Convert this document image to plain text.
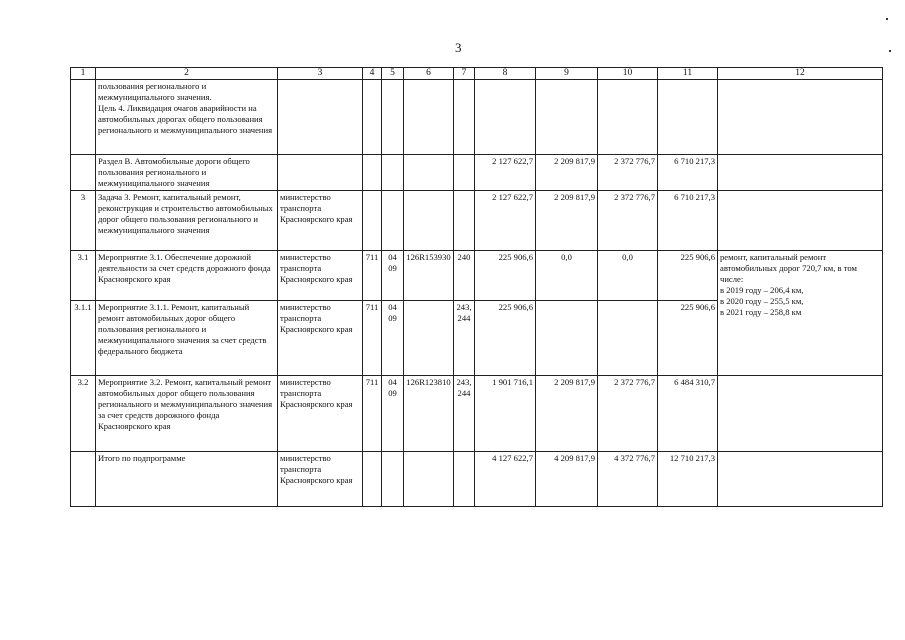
3
1	2	3	4	5	6	7	8	9	10	11	12
	пользования регионального и межмуниципального значения.
Цель 4. Ликвидация очагов аварийности на автомобильных дорогах общего пользования регионального и межмуниципального значения										
	Раздел В. Автомобильные дороги общего пользования регионального и межмуниципального значения						2 127 622,7	2 209 817,9	2 372 776,7	6 710 217,3	
3	Задача 3. Ремонт, капитальный ремонт, реконструкция и строительство автомобильных дорог общего пользования регионального и межмуниципального значения	министерство транспорта Красноярского края					2 127 622,7	2 209 817,9	2 372 776,7	6 710 217,3	
3.1	Мероприятие 3.1. Обеспечение дорожной деятельности за счет средств дорожного фонда Красноярского края	министерство транспорта Красноярского края	711	04 09	126R153930	240	225 906,6	0,0	0,0	225 906,6	ремонт, капитальный ремонт автомобильных дорог 720,7 км, в том числе:
в 2019 году – 206,4 км,
в 2020 году – 255,5 км,
в 2021 году – 258,8 км
3.1.1	Мероприятие 3.1.1. Ремонт, капитальный ремонт автомобильных дорог общего пользования регионального и межмуниципального значения за счет средств федерального бюджета	министерство транспорта Красноярского края	711	04 09		243, 244	225 906,6			225 906,6	
3.2	Мероприятие 3.2. Ремонт, капитальный ремонт автомобильных дорог общего пользования регионального и межмуниципального значения за счет средств дорожного фонда Красноярского края	министерство транспорта Красноярского края	711	04 09	126R123810	243, 244	1 901 716,1	2 209 817,9	2 372 776,7	6 484 310,7	
	Итого по подпрограмме	министерство транспорта Красноярского края					4 127 622,7	4 209 817,9	4 372 776,7	12 710 217,3	
